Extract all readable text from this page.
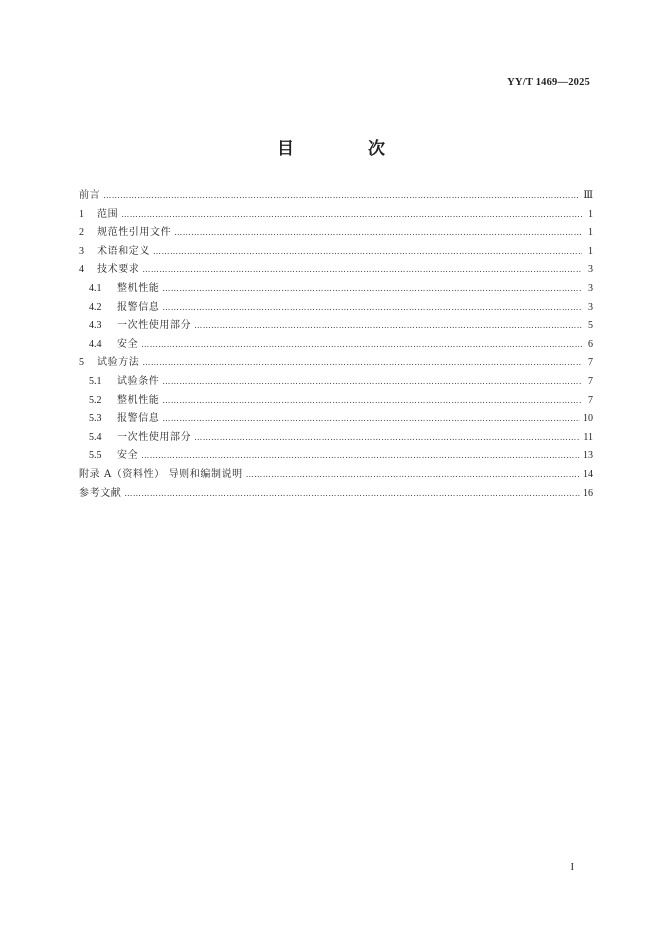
YY/T 1469—2025
目 次
前言 …………………………………………………………………………………………………………………………………………………………………………………………………………	Ⅲ
1	范围 …………………………………………………………………………………………………………………………………………………………………………………………………………	1
2	规范性引用文件 …………………………………………………………………………………………………………………………………………………………………………………………………………	1
3	术语和定义 …………………………………………………………………………………………………………………………………………………………………………………………………………	1
4	技术要求 …………………………………………………………………………………………………………………………………………………………………………………………………………	3
4.1	整机性能 …………………………………………………………………………………………………………………………………………………………………………………………………………	3
4.2	报警信息 …………………………………………………………………………………………………………………………………………………………………………………………………………	3
4.3	一次性使用部分 …………………………………………………………………………………………………………………………………………………………………………………………………………	5
4.4	安全 …………………………………………………………………………………………………………………………………………………………………………………………………………	6
5	试验方法 …………………………………………………………………………………………………………………………………………………………………………………………………………	7
5.1	试验条件 …………………………………………………………………………………………………………………………………………………………………………………………………………	7
5.2	整机性能 …………………………………………………………………………………………………………………………………………………………………………………………………………	7
5.3	报警信息 …………………………………………………………………………………………………………………………………………………………………………………………………………	10
5.4	一次性使用部分 …………………………………………………………………………………………………………………………………………………………………………………………………………	11
5.5	安全 …………………………………………………………………………………………………………………………………………………………………………………………………………	13
附录 A（资料性） 导则和编制说明 …………………………………………………………………………………………………………………………………………………………………………………………………………	14
参考文献 …………………………………………………………………………………………………………………………………………………………………………………………………………	16
I
